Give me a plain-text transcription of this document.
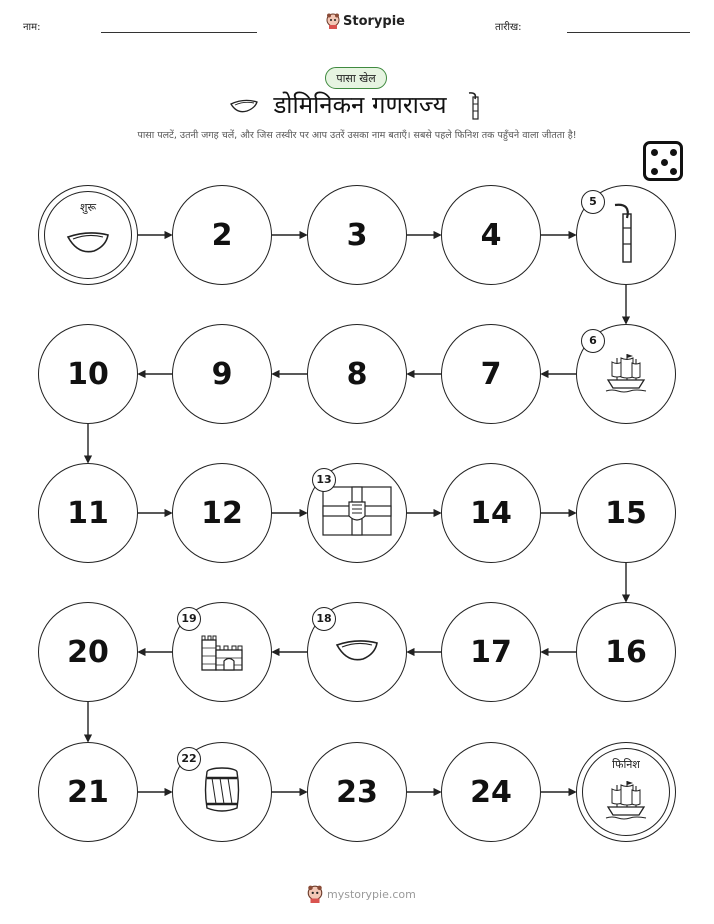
नाम:	Storypie	तारीख:
पासा खेल
डोमिनिकन गणराज्य
पासा पलटें, उतनी जगह चलें, और जिस तस्वीर पर आप उतरें उसका नाम बताएँ। सबसे पहले फिनिश तक पहुँचने वाला जीतता है!
शुरू
2	3	4
5
6
7
8
9
10
11	12
13
14	15
16
17
18
19
20
21
22
23	24
फिनिश
mystorypie.com
